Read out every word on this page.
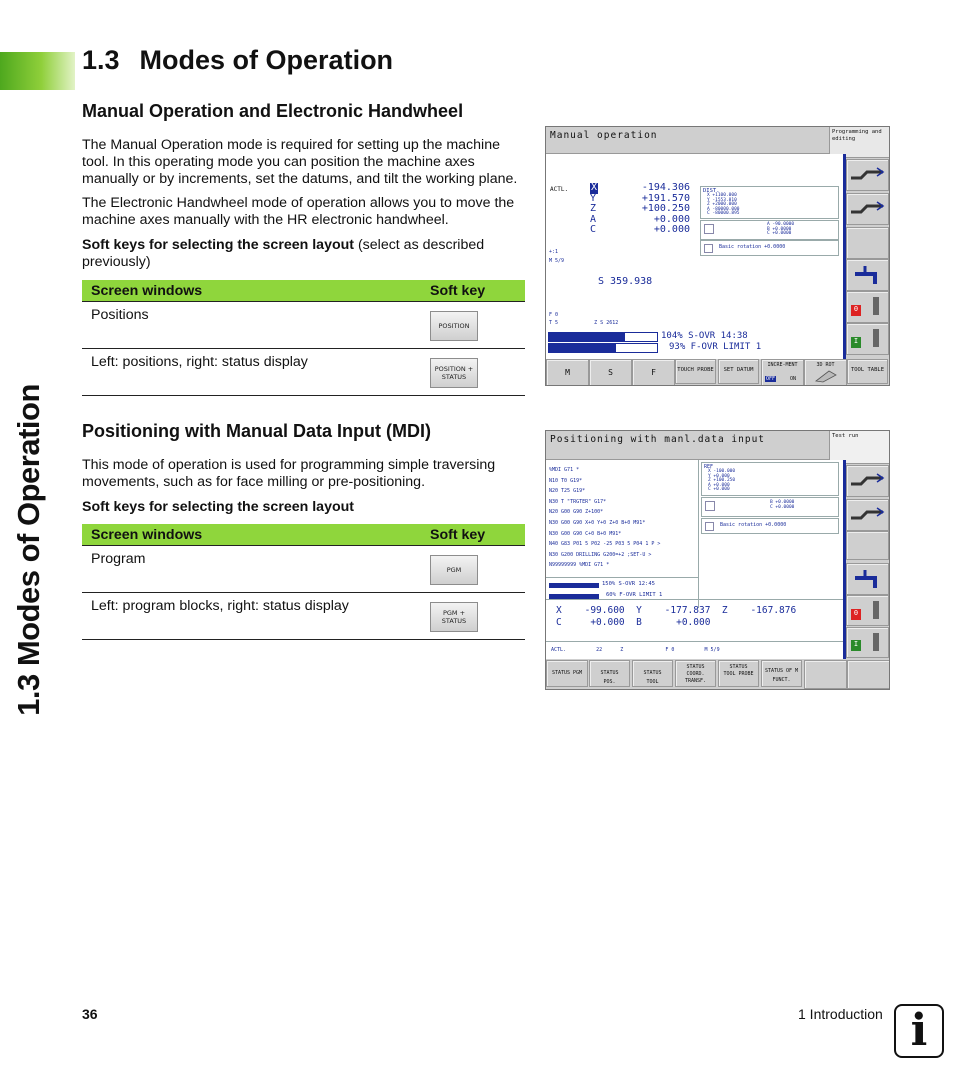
1.3 Modes of Operation
1.3 Modes of Operation
Manual Operation and Electronic Handwheel

The Manual Operation mode is required for setting up the machine tool. In this operating mode you can position the machine axes manually or by increments, set the datums, and tilt the working plane.

The Electronic Handwheel mode of operation allows you to move the machine axes manually with the HR electronic handwheel.

Soft keys for selecting the screen layout (select as described previously)

Screen windows	Soft key
Positions	POSITION

Left: positions, right: status display	POSITION + STATUS
Positioning with Manual Data Input (MDI)

This mode of operation is used for programming simple traversing movements, such as for face milling or pre-positioning.

Soft keys for selecting the screen layout

Screen windows	Soft key
Program	PGM

Left: program blocks, right: status display	PGM + STATUS
Manual operation	Programming and editing
ACTL. X	-194.306
Y	+191.570
Z	+100.250
A	+0.000
C	+0.000
DIST.
X +1100.000
Y -1553.810
Z +2000.000
A -80000.000
C -80000.895
A -90.0000
B +0.0000
C +0.0000
Basic rotation +0.0000
+:1
M 5/9
S 359.938
F 0
T 5            Z S 2612
104% S-OVR 14:38
93% F-OVR LIMIT 1
0
I
M	S	F	TOUCH PROBE	SET DATUM
INCRE-MENT
OFF	ON
3D ROT
TOOL TABLE
Positioning with manl.data input	Test run
%MDI G71 *
N10 T0 G19*
N20 T25 G19*
N30 T "TRGTER" G17*
N20 G00 G90 Z+100*
N30 G00 G90 X+0 Y+0 Z+0 B+0 M91*
N30 G00 G90 C+0 B+0 M91*
N40 G83 P01 5 P02 -25 P03 5 P04 1 P >
N30 G200 DRILLING G200=+2 ;SET-U >
N99999999 %MDI G71 *
REF
X -100.000
Y +0.000
Z +100.250
A +0.000
C +0.000
B +0.0000
C +0.0000
Basic rotation +0.0000
150% S-OVR 12:45
60% F-OVR LIMIT 1
X    -99.600  Y    -177.837  Z    -167.876
C     +0.000  B      +0.000
ACTL.          22      Z              F 0          M 5/9
0
I
STATUS PGM	STATUS POS.
STATUS TOOL
STATUS COORD. TRANSF.
STATUS TOOL PROBE	STATUS OF M FUNCT.
36	1 Introduction i
